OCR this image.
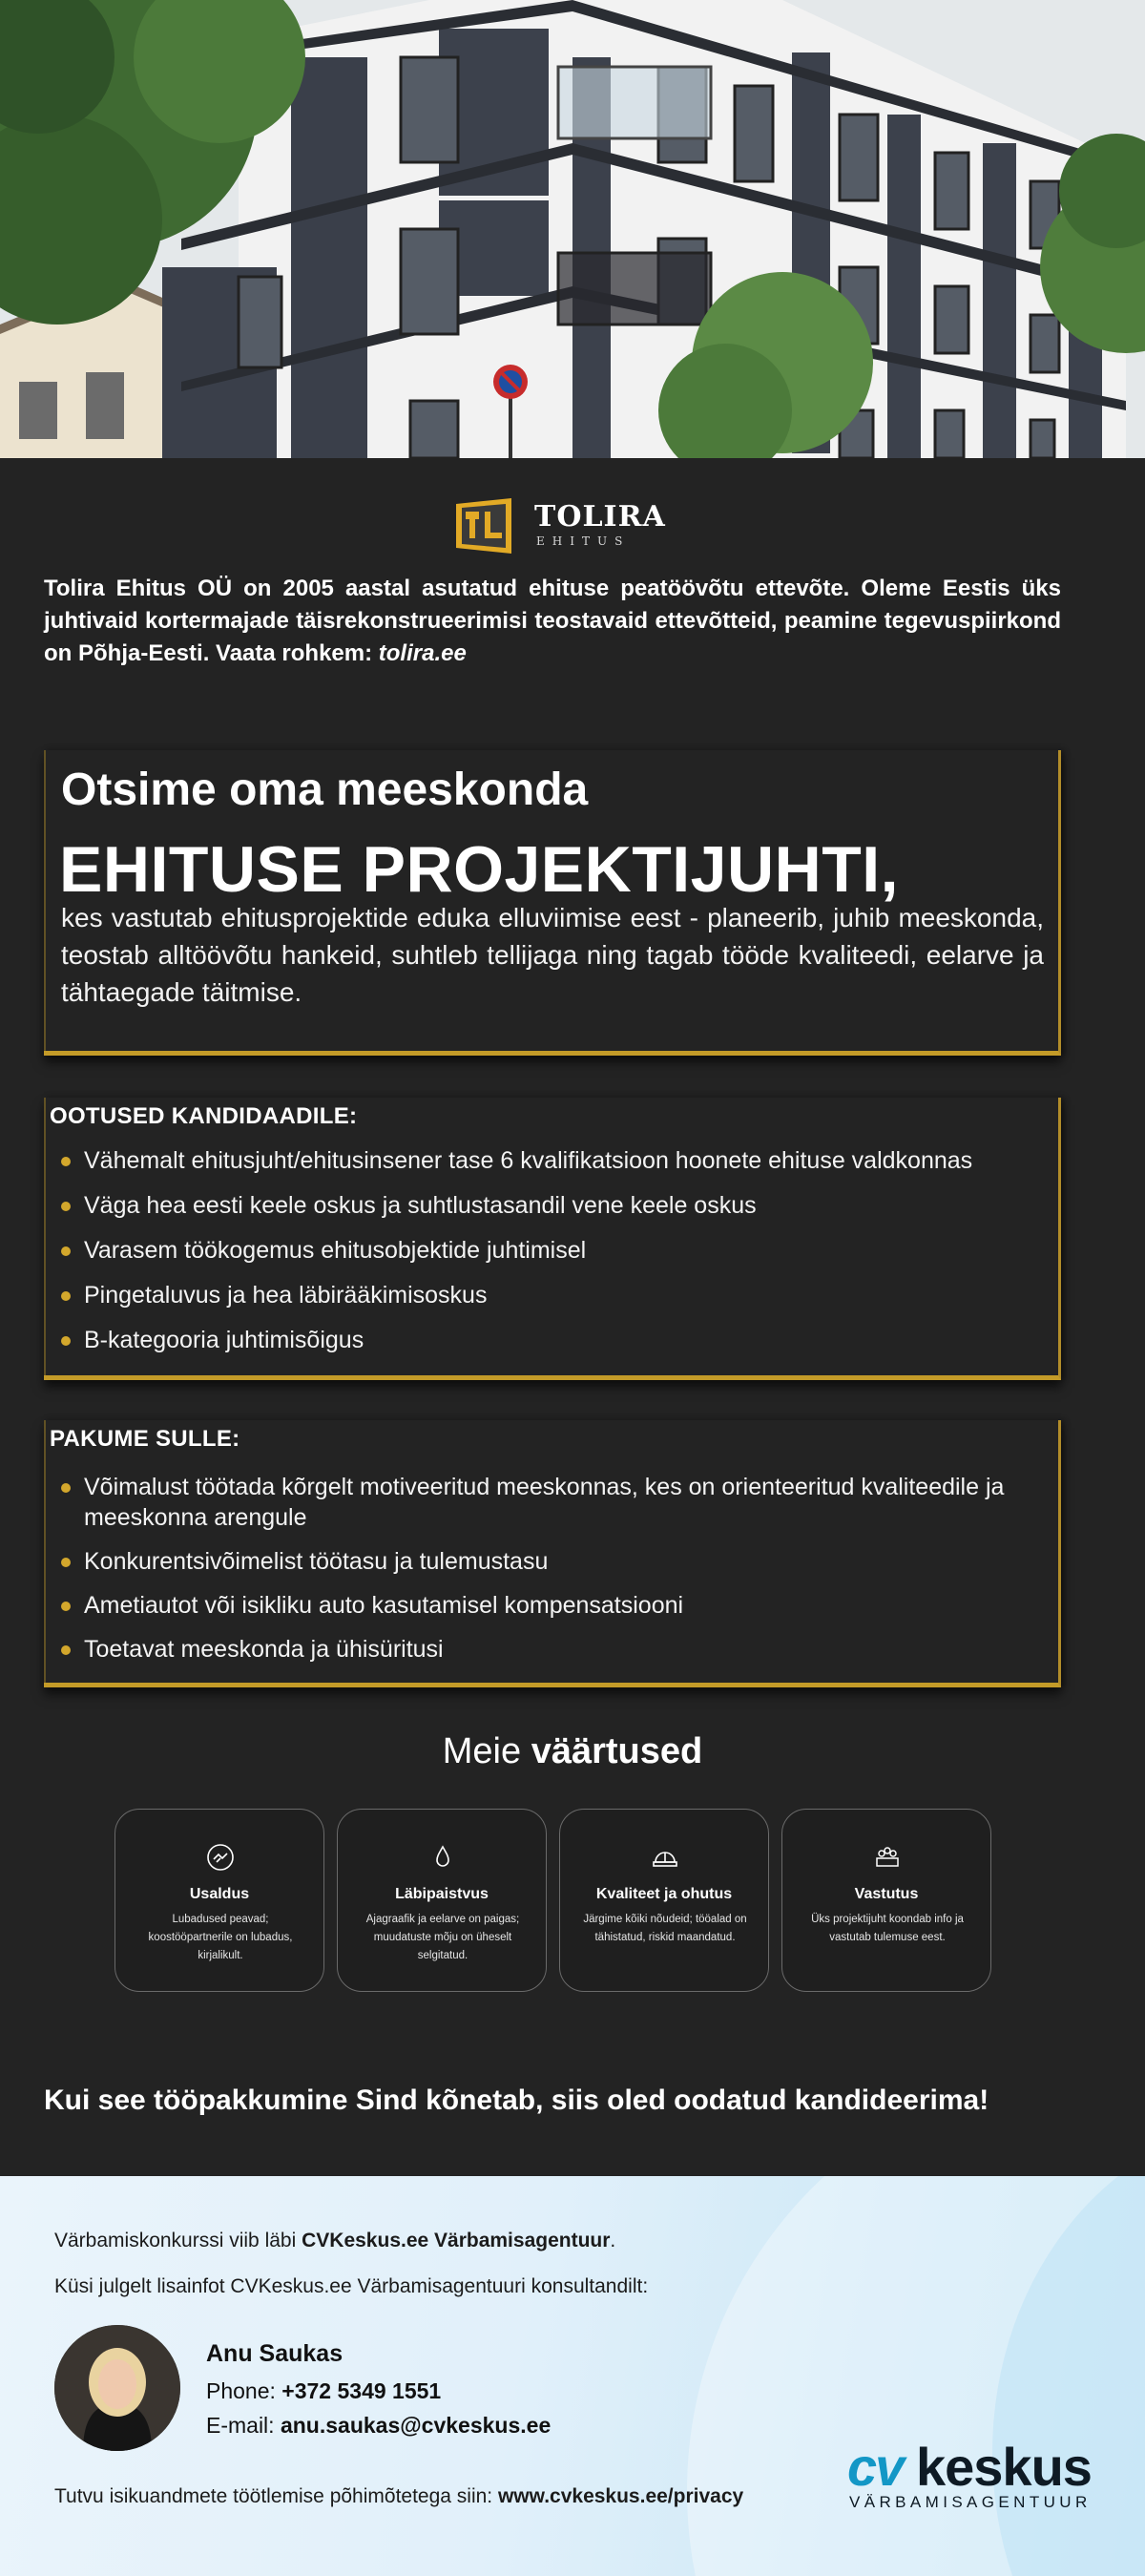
TOLIRA
EHITUS

Tolira Ehitus OÜ on 2005 aastal asutatud ehituse peatöövõtu ettevõte. Oleme Eestis üks juhtivaid kortermajade täisrekonstrueerimisi teostavaid ettevõtteid, peamine tegevuspiirkond on Põhja-Eesti. Vaata rohkem: tolira.ee

Otsime oma meeskonda
EHITUSE PROJEKTIJUHTI,
kes vastutab ehitusprojektide eduka elluviimise eest - planeerib, juhib meeskonda, teostab alltöövõtu hankeid, suhtleb tellijaga ning tagab tööde kvaliteedi, eelarve ja tähtaegade täitmise.
OOTUSED KANDIDAADILE:
Vähemalt ehitusjuht/ehitusinsener tase 6 kvalifikatsioon hoonete ehituse valdkonnas
Väga hea eesti keele oskus ja suhtlustasandil vene keele oskus
Varasem töökogemus ehitusobjektide juhtimisel
Pingetaluvus ja hea läbirääkimisoskus
B-kategooria juhtimisõigus
PAKUME SULLE:
Võimalust töötada kõrgelt motiveeritud meeskonnas, kes on orienteeritud kvaliteedile ja meeskonna arengule
Konkurentsivõimelist töötasu ja tulemustasu
Ametiautot või isikliku auto kasutamisel kompensatsiooni
Toetavat meeskonda ja ühisüritusi
Meie väärtused
Usaldus
Lubadused peavad; koostööpartnerile on lubadus, kirjalikult.
Läbipaistvus
Ajagraafik ja eelarve on paigas; muudatuste mõju on üheselt selgitatud.
Kvaliteet ja ohutus
Järgime kõiki nõudeid; tööalad on tähistatud, riskid maandatud.
Vastutus
Üks projektijuht koondab info ja vastutab tulemuse eest.
Kui see tööpakkumine Sind kõnetab, siis oled oodatud kandideerima!
Värbamiskonkurssi viib läbi CVKeskus.ee Värbamisagentuur.
Küsi julgelt lisainfot CVKeskus.ee Värbamisagentuuri konsultandilt:
Anu Saukas
Phone: +372 5349 1551
E-mail: anu.saukas@cvkeskus.ee
Tutvu isikuandmete töötlemise põhimõtetega siin: www.cvkeskus.ee/privacy cv keskus
VÄRBAMISAGENTUUR
